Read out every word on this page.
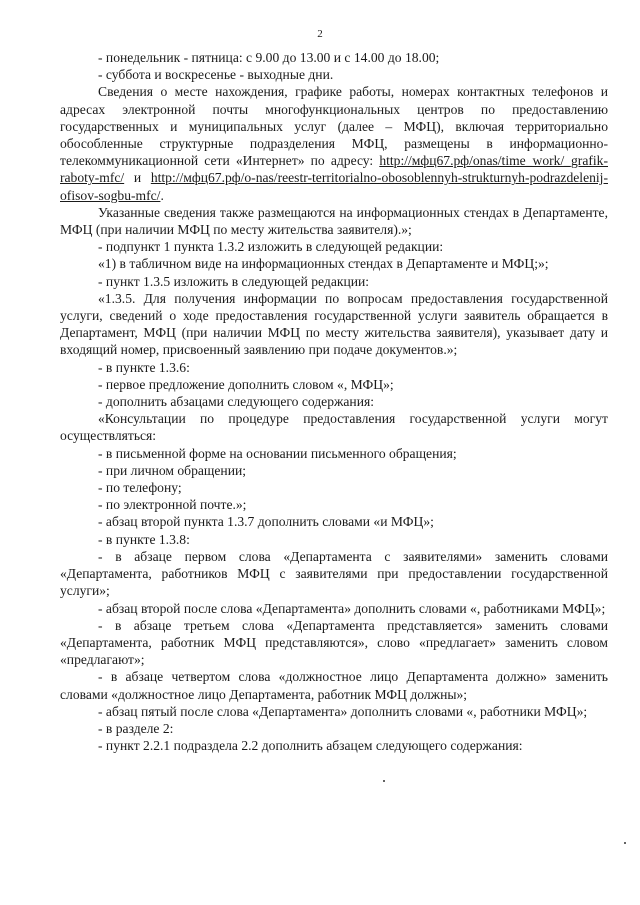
2

- понедельник - пятница: с 9.00 до 13.00 и с 14.00 до 18.00;

- суббота и воскресенье - выходные дни.

Сведения о месте нахождения, графике работы, номерах контактных телефонов и адресах электронной почты многофункциональных центров по предоставлению государственных и муниципальных услуг (далее – МФЦ), включая территориально обособленные структурные подразделения МФЦ, размещены в информационно-телекоммуникационной сети «Интернет» по адресу: http://мфц67.рф/onas/time_work/_grafik-raboty-mfc/ и http://мфц67.рф/o-nas/reestr-territorialno-obosoblennyh-strukturnyh-podrazdelenij-ofisov-sogbu-mfc/.

Указанные сведения также размещаются на информационных стендах в Департаменте, МФЦ (при наличии МФЦ по месту жительства заявителя).»;

- подпункт 1 пункта 1.3.2 изложить в следующей редакции:

«1) в табличном виде на информационных стендах в Департаменте и МФЦ;»;

- пункт 1.3.5 изложить в следующей редакции:

«1.3.5. Для получения информации по вопросам предоставления государственной услуги, сведений о ходе предоставления государственной услуги заявитель обращается в Департамент, МФЦ (при наличии МФЦ по месту жительства заявителя), указывает дату и входящий номер, присвоенный заявлению при подаче документов.»;

- в пункте 1.3.6:

- первое предложение дополнить словом «, МФЦ»;

- дополнить абзацами следующего содержания:

«Консультации по процедуре предоставления государственной услуги могут осуществляться:

- в письменной форме на основании письменного обращения;

- при личном обращении;

- по телефону;

- по электронной почте.»;

- абзац второй пункта 1.3.7 дополнить словами «и МФЦ»;

- в пункте 1.3.8:

- в абзаце первом слова «Департамента с заявителями» заменить словами «Департамента, работников МФЦ с заявителями при предоставлении государственной услуги»;

- абзац второй после слова «Департамента» дополнить словами «, работниками МФЦ»;

- в абзаце третьем слова «Департамента представляется» заменить словами «Департамента, работник МФЦ представляются», слово «предлагает» заменить словом «предлагают»;

- в абзаце четвертом слова «должностное лицо Департамента должно» заменить словами «должностное лицо Департамента, работник МФЦ должны»;

- абзац пятый после слова «Департамента» дополнить словами «, работники МФЦ»;

- в разделе 2:

- пункт 2.2.1 подраздела 2.2 дополнить абзацем следующего содержания:
